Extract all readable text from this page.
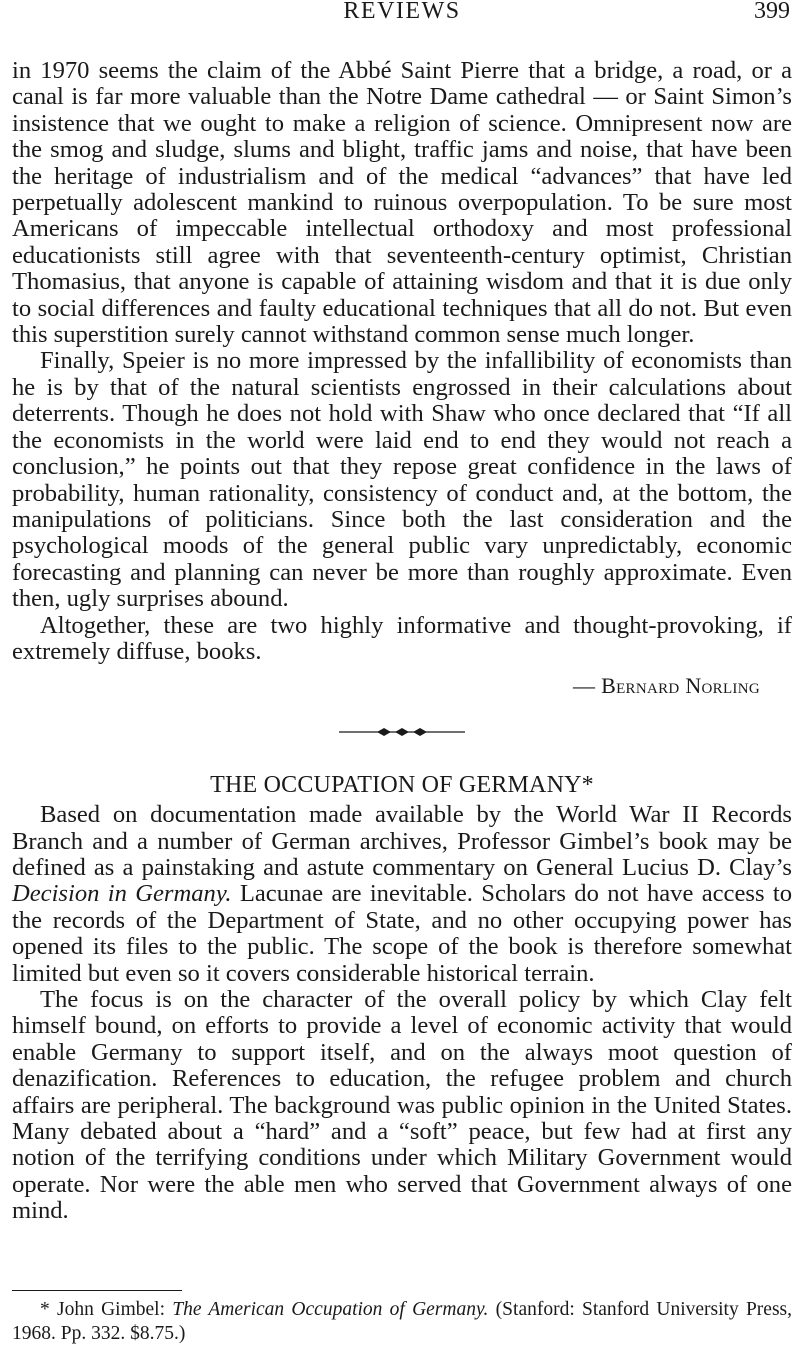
REVIEWS	399

in 1970 seems the claim of the Abbé Saint Pierre that a bridge, a road, or a canal is far more valuable than the Notre Dame cathedral — or Saint Simon’s insistence that we ought to make a religion of science. Omnipresent now are the smog and sludge, slums and blight, traffic jams and noise, that have been the heritage of industrialism and of the medical “advances” that have led perpetually adolescent mankind to ruinous overpopulation. To be sure most Americans of impeccable intellectual orthodoxy and most professional educationists still agree with that seventeenth-century optimist, Christian Thomasius, that anyone is capable of attaining wisdom and that it is due only to social differences and faulty educational techniques that all do not. But even this superstition surely cannot withstand common sense much longer.

Finally, Speier is no more impressed by the infallibility of economists than he is by that of the natural scientists engrossed in their calculations about deterrents. Though he does not hold with Shaw who once declared that “If all the economists in the world were laid end to end they would not reach a conclusion,” he points out that they repose great confidence in the laws of probability, human rationality, consistency of conduct and, at the bottom, the manipulations of politicians. Since both the last consideration and the psychological moods of the general public vary unpredictably, economic forecasting and planning can never be more than roughly approximate. Even then, ugly surprises abound.

Altogether, these are two highly informative and thought-provoking, if extremely diffuse, books.

— Bernard Norling
THE OCCUPATION OF GERMANY*

Based on documentation made available by the World War II Records Branch and a number of German archives, Professor Gimbel’s book may be defined as a painstaking and astute commentary on General Lucius D. Clay’s Decision in Germany. Lacunae are inevitable. Scholars do not have access to the records of the Department of State, and no other occupying power has opened its files to the public. The scope of the book is therefore somewhat limited but even so it covers considerable historical terrain.

The focus is on the character of the overall policy by which Clay felt himself bound, on efforts to provide a level of economic activity that would enable Germany to support itself, and on the always moot question of denazification. References to education, the refugee problem and church affairs are peripheral. The background was public opinion in the United States. Many debated about a “hard” and a “soft” peace, but few had at first any notion of the terrifying conditions under which Military Government would operate. Nor were the able men who served that Government always of one mind.

* John Gimbel: The American Occupation of Germany. (Stanford: Stanford University Press, 1968. Pp. 332. $8.75.)
